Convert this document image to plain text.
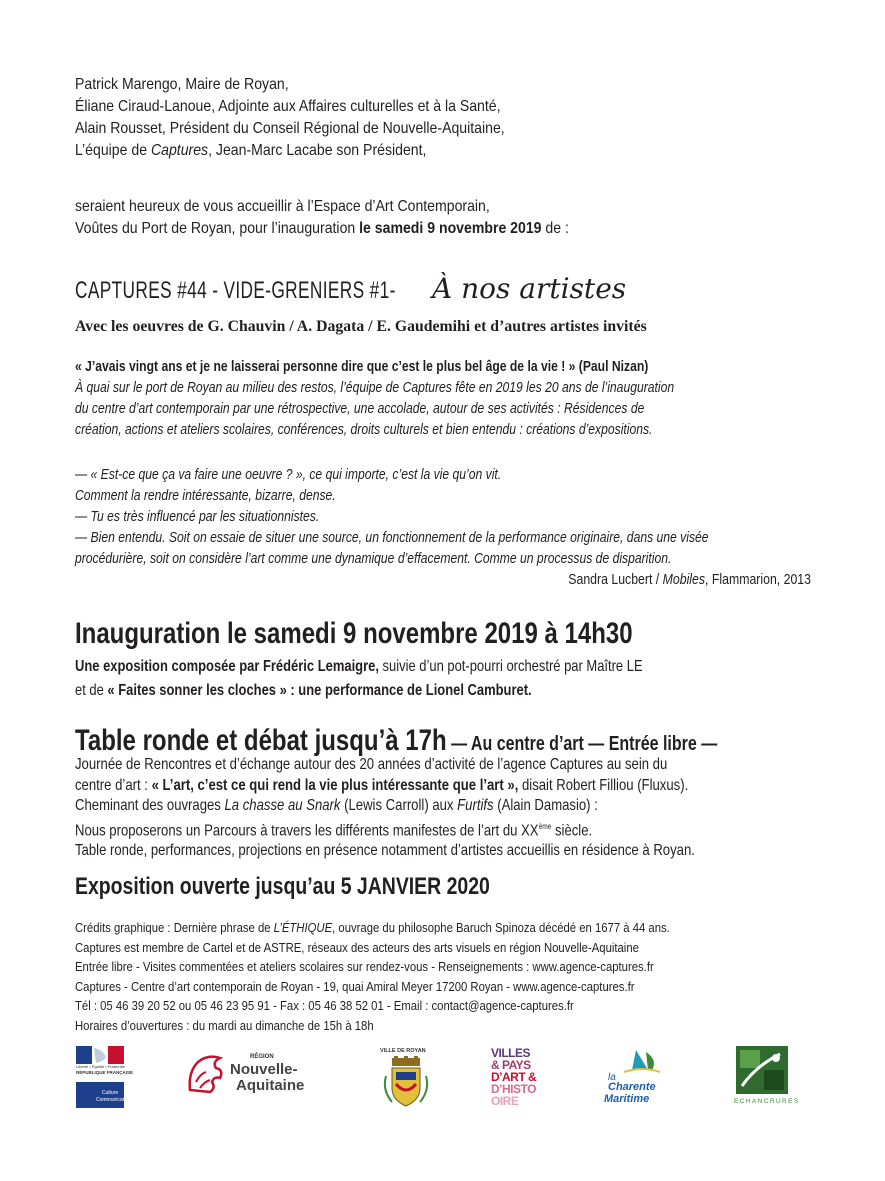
Patrick Marengo, Maire de Royan,
Éliane Ciraud-Lanoue, Adjointe aux Affaires culturelles et à la Santé,
Alain Rousset, Président du Conseil Régional de Nouvelle-Aquitaine,
L’équipe de Captures, Jean-Marc Lacabe son Président,
seraient heureux de vous accueillir à l’Espace d’Art Contemporain,
Voûtes du Port de Royan, pour l’inauguration le samedi 9 novembre 2019 de :
CAPTURES #44 - VIDE-GRENIERS #1- À nos artistes
Avec les oeuvres de G. Chauvin / A. Dagata / E. Gaudemihi et d’autres artistes invités
« J’avais vingt ans et je ne laisserai personne dire que c’est le plus bel âge de la vie ! » (Paul Nizan)
À quai sur le port de Royan au milieu des restos, l’équipe de Captures fête en 2019 les 20 ans de l’inauguration
du centre d’art contemporain par une rétrospective, une accolade, autour de ses activités : Résidences de
création, actions et ateliers scolaires, conférences, droits culturels et bien entendu : créations d’expositions.
— « Est-ce que ça va faire une oeuvre ? », ce qui importe, c’est la vie qu’on vit.
Comment la rendre intéressante, bizarre, dense.
— Tu es très influencé par les situationnistes.
— Bien entendu. Soit on essaie de situer une source, un fonctionnement de la performance originaire, dans une visée
procédurière, soit on considère l’art comme une dynamique d’effacement. Comme un processus de disparition.
Sandra Lucbert / Mobiles, Flammarion, 2013
Inauguration le samedi 9 novembre 2019 à 14h30
Une exposition composée par Frédéric Lemaigre, suivie d’un pot-pourri orchestré par Maître LE
et de « Faites sonner les cloches » : une performance de Lionel Camburet.
Table ronde et débat jusqu’à 17h — Au centre d’art — Entrée libre —
Journée de Rencontres et d’échange autour des 20 années d’activité de l’agence Captures au sein du
centre d’art : « L’art, c’est ce qui rend la vie plus intéressante que l’art », disait Robert Filliou (Fluxus).
Cheminant des ouvrages La chasse au Snark (Lewis Carroll) aux Furtifs (Alain Damasio) :
Nous proposerons un Parcours à travers les différents manifestes de l’art du XXème siècle.
Table ronde, performances, projections en présence notamment d’artistes accueillis en résidence à Royan.
Exposition ouverte jusqu’au 5 JANVIER 2020
Crédits graphique : Dernière phrase de L’ÉTHIQUE, ouvrage du philosophe Baruch Spinoza décédé en 1677 à 44 ans.
Captures est membre de Cartel et de ASTRE, réseaux des acteurs des arts visuels en région Nouvelle-Aquitaine
Entrée libre - Visites commentées et ateliers scolaires sur rendez-vous - Renseignements : www.agence-captures.fr
Captures - Centre d’art contemporain de Royan - 19, quai Amiral Meyer 17200 Royan - www.agence-captures.fr
Tél : 05 46 39 20 52 ou 05 46 23 95 91 - Fax : 05 46 38 52 01 - Email : contact@agence-captures.fr
Horaires d’ouvertures : du mardi au dimanche de 15h à 18h
Liberté • Égalité • Fraternité
RÉPUBLIQUE FRANÇAISE
Culture
Communication
RÉGION
Nouvelle-
Aquitaine
VILLE DE ROYAN	VILLES
& PAYS
D’ART &
D’HISTO
OIRE
la
Charente
Maritime	ECHANCRURES
